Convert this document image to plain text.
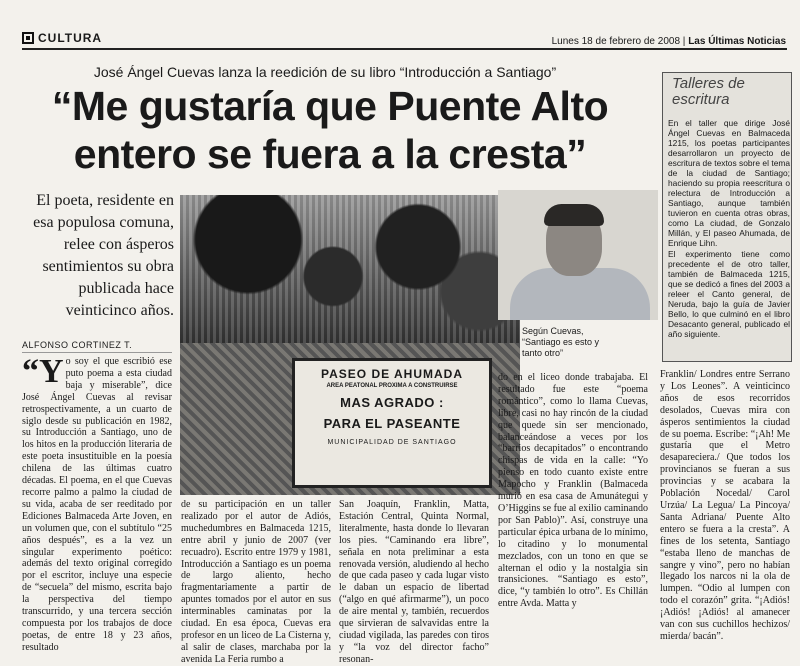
CULTURA	Lunes 18 de febrero de 2008 | Las Últimas Noticias
José Ángel Cuevas lanza la reedición de su libro “Introducción a Santiago”
“Me gustaría que Puente Alto
entero se fuera a la cresta”
El poeta, residente en esa populosa comuna, relee con ásperos sentimientos su obra publicada hace veinticinco años.
ALFONSO CORTINEZ T.
Según Cuevas, “Santiago es esto y tanto otro”
PASEO DE AHUMADA
AREA PEATONAL PROXIMA A CONSTRUIRSE
MAS AGRADO :
PARA EL PASEANTE
MUNICIPALIDAD DE SANTIAGO
Talleres de escritura

En el taller que dirige José Ángel Cuevas en Balmaceda 1215, los poetas participantes desarrollaron un proyecto de escritura de textos sobre el tema de la ciudad de Santiago; haciendo su propia reescritura o relectura de Introducción a Santiago, aunque también tuvieron en cuenta otras obras, como La ciudad, de Gonzalo Millán, y El paseo Ahumada, de Enrique Lihn.

El experimento tiene como precedente el de otro taller, también de Balmaceda 1215, que se dedicó a fines del 2003 a releer el Canto general, de Neruda, bajo la guía de Javier Bello, lo que culminó en el libro Desacanto general, publicado el año siguiente.

“Y o soy el que escribió ese puto poema a esta ciudad baja y miserable”, dice José Ángel Cuevas al revisar retrospectivamente, a un cuarto de siglo desde su publicación en 1982, su Introducción a Santiago, uno de los hitos en la producción literaria de este poeta insustituible en la poesía chilena de las últimas cuatro décadas. El poema, en el que Cuevas recorre palmo a palmo la ciudad de su vida, acaba de ser reeditado por Ediciones Balmaceda Arte Joven, en un volumen que, con el subtítulo “25 años después”, es a la vez un singular experimento poético: además del texto original corregido por el escritor, incluye una especie de “secuela” del mismo, escrita bajo la perspectiva del tiempo transcurrido, y una tercera sección compuesta por los trabajos de doce poetas, de entre 18 y 23 años, resultado

de su participación en un taller realizado por el autor de Adiós, muchedumbres en Balmaceda 1215, entre abril y junio de 2007 (ver recuadro). Escrito entre 1979 y 1981, Introducción a Santiago es un poema de largo aliento, hecho fragmentariamente a partir de apuntes tomados por el autor en sus interminables caminatas por la ciudad. En esa época, Cuevas era profesor en un liceo de La Cisterna y, al salir de clases, marchaba por la avenida La Feria rumbo a

San Joaquín, Franklin, Matta, Estación Central, Quinta Normal, literalmente, hasta donde lo llevaran los pies. “Caminando era libre”, señala en nota preliminar a esta renovada versión, aludiendo al hecho de que cada paseo y cada lugar visto le daban un espacio de libertad (“algo en qué afirmarme”), un poco de aire mental y, también, recuerdos que sirvieran de salvavidas entre la ciudad vigilada, las paredes con tiros y “la voz del director facho” resonan-

do en el liceo donde trabajaba. El resultado fue este “poema romántico”, como lo llama Cuevas, libre, casi no hay rincón de la ciudad que quede sin ser mencionado, balanceándose a veces por los “barrios decapitados” o encontrando chispas de vida en la calle: “Yo pienso en todo cuanto existe entre Mapocho y Franklin (Balmaceda murió en esa casa de Amunátegui y O’Higgins se fue al exilio caminando por San Pablo)”. Así, construye una particular épica urbana de lo mínimo, lo citadino y lo monumental mezclados, con un tono en que se alternan el odio y la nostalgia sin transiciones. “Santiago es esto”, dice, “y también lo otro”. Es Chillán entre Avda. Matta y

Franklin/ Londres entre Serrano y Los Leones”. A veinticinco años de esos recorridos desolados, Cuevas mira con ásperos sentimientos la ciudad de su poema. Escribe: “¡Ah! Me gustaría que el Metro desapareciera./ Que todos los provincianos se fueran a sus provincias y se acabara la Población Nocedal/ Carol Urzúa/ La Legua/ La Pincoya/ Santa Adriana/ Puente Alto entero se fuera a la cresta”. A fines de los setenta, Santiago “estaba lleno de manchas de sangre y vino”, pero no habían llegado los narcos ni la ola de lumpen. “Odio al lumpen con todo el corazón” grita. “¡Adiós! ¡Adiós! ¡Adiós! al amanecer van con sus cuchillos hechizos/ mierda/ bacán”.
